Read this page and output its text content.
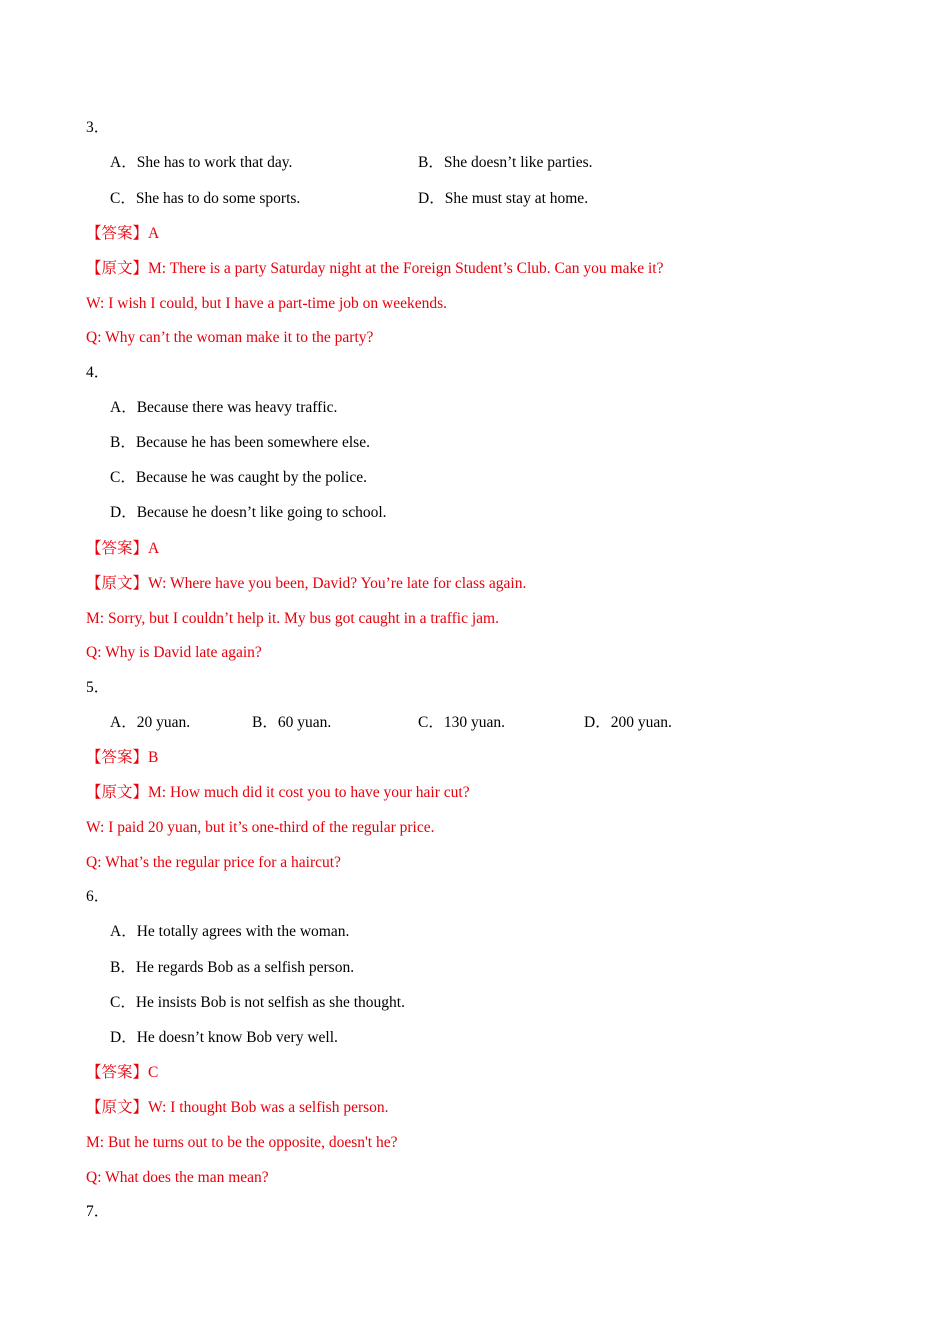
3．
A．She has to work that day.	B．She doesn’t like parties.
C．She has to do some sports.	D．She must stay at home.
【答案】A
【原文】M: There is a party Saturday night at the Foreign Student’s Club. Can you make it?
W: I wish I could, but I have a part-time job on weekends.
Q: Why can’t the woman make it to the party?
4．
A．Because there was heavy traffic.
B．Because he has been somewhere else.
C．Because he was caught by the police.
D．Because he doesn’t like going to school.
【答案】A
【原文】W: Where have you been, David? You’re late for class again.
M: Sorry, but I couldn’t help it. My bus got caught in a traffic jam.
Q: Why is David late again?
5．
A．20 yuan.	B．60 yuan.	C．130 yuan.	D．200 yuan.
【答案】B
【原文】M: How much did it cost you to have your hair cut?
W: I paid 20 yuan, but it’s one-third of the regular price.
Q: What’s the regular price for a haircut?
6．
A．He totally agrees with the woman.
B．He regards Bob as a selfish person.
C．He insists Bob is not selfish as she thought.
D．He doesn’t know Bob very well.
【答案】C
【原文】W: I thought Bob was a selfish person.
M: But he turns out to be the opposite, doesn't he?
Q: What does the man mean?
7．
